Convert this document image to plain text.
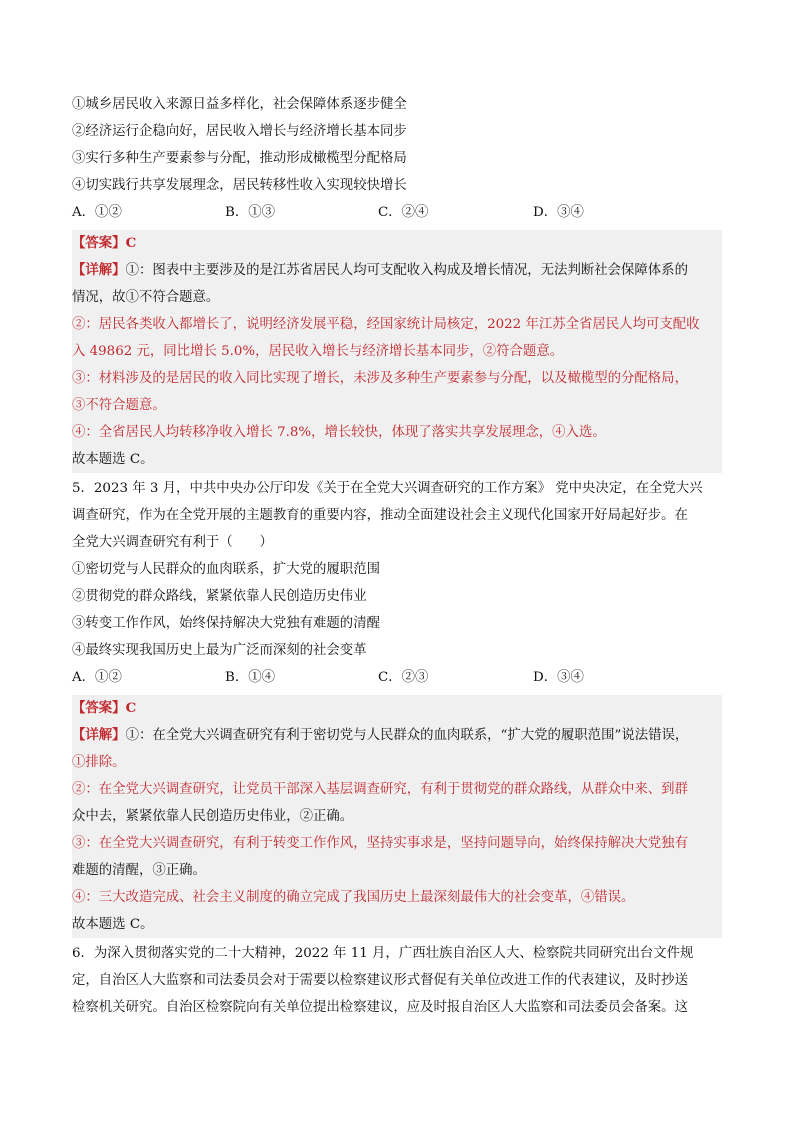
①城乡居民收入来源日益多样化，社会保障体系逐步健全
②经济运行企稳向好，居民收入增长与经济增长基本同步
③实行多种生产要素参与分配，推动形成橄榄型分配格局
④切实践行共享发展理念，居民转移性收入实现较快增长
A．①②	B．①③	C．②④	D．③④
【答案】C
【详解】①：图表中主要涉及的是江苏省居民人均可支配收入构成及增长情况，无法判断社会保障体系的
情况，故①不符合题意。
②：居民各类收入都增长了，说明经济发展平稳，经国家统计局核定，2022 年江苏全省居民人均可支配收
入 49862 元，同比增长 5.0%，居民收入增长与经济增长基本同步，②符合题意。
③：材料涉及的是居民的收入同比实现了增长，未涉及多种生产要素参与分配，以及橄榄型的分配格局，
③不符合题意。
④：全省居民人均转移净收入增长 7.8%，增长较快，体现了落实共享发展理念，④入选。
故本题选 C。
5．2023 年 3 月，中共中央办公厅印发《关于在全党大兴调查研究的工作方案》 党中央决定，在全党大兴
调查研究，作为在全党开展的主题教育的重要内容，推动全面建设社会主义现代化国家开好局起好步。在
全党大兴调查研究有利于（　　）
①密切党与人民群众的血肉联系，扩大党的履职范围
②贯彻党的群众路线，紧紧依靠人民创造历史伟业
③转变工作作风，始终保持解决大党独有难题的清醒
④最终实现我国历史上最为广泛而深刻的社会变革
A．①②	B．①④	C．②③	D．③④
【答案】C
【详解】①：在全党大兴调查研究有利于密切党与人民群众的血肉联系，“扩大党的履职范围”说法错误，
①排除。
②：在全党大兴调查研究，让党员干部深入基层调查研究，有利于贯彻党的群众路线，从群众中来、到群
众中去，紧紧依靠人民创造历史伟业，②正确。
③：在全党大兴调查研究，有利于转变工作作风，坚持实事求是，坚持问题导向，始终保持解决大党独有
难题的清醒，③正确。
④：三大改造完成、社会主义制度的确立完成了我国历史上最深刻最伟大的社会变革，④错误。
故本题选 C。
6．为深入贯彻落实党的二十大精神，2022 年 11 月，广西壮族自治区人大、检察院共同研究出台文件规
定，自治区人大监察和司法委员会对于需要以检察建议形式督促有关单位改进工作的代表建议，及时抄送
检察机关研究。自治区检察院向有关单位提出检察建议，应及时报自治区人大监察和司法委员会备案。这
